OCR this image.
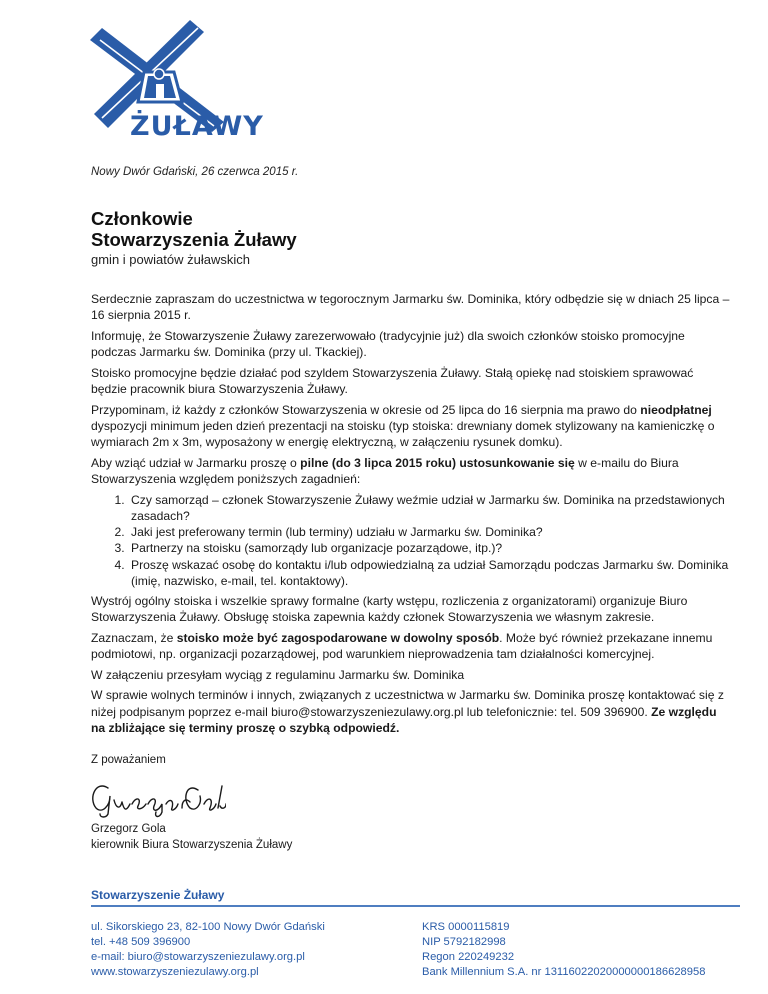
ŻUŁAWY
Nowy Dwór Gdański, 26 czerwca 2015 r.
Członkowie
Stowarzyszenia Żuławy
gmin i powiatów żuławskich

Serdecznie zapraszam do uczestnictwa w tegorocznym Jarmarku św. Dominika, który odbędzie się w dniach 25 lipca – 16 sierpnia 2015 r.

Informuję, że Stowarzyszenie Żuławy zarezerwowało (tradycyjnie już) dla swoich członków stoisko promocyjne podczas Jarmarku św. Dominika (przy ul. Tkackiej).

Stoisko promocyjne będzie działać pod szyldem Stowarzyszenia Żuławy. Stałą opiekę nad stoiskiem sprawować będzie pracownik biura Stowarzyszenia Żuławy.

Przypominam, iż każdy z członków Stowarzyszenia w okresie od 25 lipca do 16 sierpnia ma prawo do nieodpłatnej dyspozycji minimum jeden dzień prezentacji na stoisku (typ stoiska: drewniany domek stylizowany na kamieniczkę o wymiarach 2m x 3m, wyposażony w energię elektryczną, w załączeniu rysunek domku).

Aby wziąć udział w Jarmarku proszę o pilne (do 3 lipca 2015 roku) ustosunkowanie się w e-mailu do Biura Stowarzyszenia względem poniższych zagadnień:

1. Czy samorząd – członek Stowarzyszenie Żuławy weźmie udział w Jarmarku św. Dominika na przedstawionych zasadach?
2. Jaki jest preferowany termin (lub terminy) udziału w Jarmarku św. Dominika?
3. Partnerzy na stoisku (samorządy lub organizacje pozarządowe, itp.)?
4. Proszę wskazać osobę do kontaktu i/lub odpowiedzialną za udział Samorządu podczas Jarmarku św. Dominika (imię, nazwisko, e-mail, tel. kontaktowy).

Wystrój ogólny stoiska i wszelkie sprawy formalne (karty wstępu, rozliczenia z organizatorami) organizuje Biuro Stowarzyszenia Żuławy. Obsługę stoiska zapewnia każdy członek Stowarzyszenia we własnym zakresie.

Zaznaczam, że stoisko może być zagospodarowane w dowolny sposób. Może być również przekazane innemu podmiotowi, np. organizacji pozarządowej, pod warunkiem nieprowadzenia tam działalności komercyjnej.

W załączeniu przesyłam wyciąg z regulaminu Jarmarku św. Dominika

W sprawie wolnych terminów i innych, związanych z uczestnictwa w Jarmarku św. Dominika proszę kontaktować się z niżej podpisanym poprzez e-mail biuro@stowarzyszeniezulawy.org.pl lub telefonicznie: tel. 509 396900. Ze względu na zbliżające się terminy proszę o szybką odpowiedź.

Z poważaniem
Grzegorz Gola
kierownik Biura Stowarzyszenia Żuławy
Stowarzyszenie Żuławy
ul. Sikorskiego 23, 82-100 Nowy Dwór Gdański
tel. +48 509 396900
e-mail: biuro@stowarzyszeniezulawy.org.pl
www.stowarzyszeniezulawy.org.pl
KRS 0000115819
NIP 5792182998
Regon 220249232
Bank Millennium S.A. nr 13116022020000000186628958
